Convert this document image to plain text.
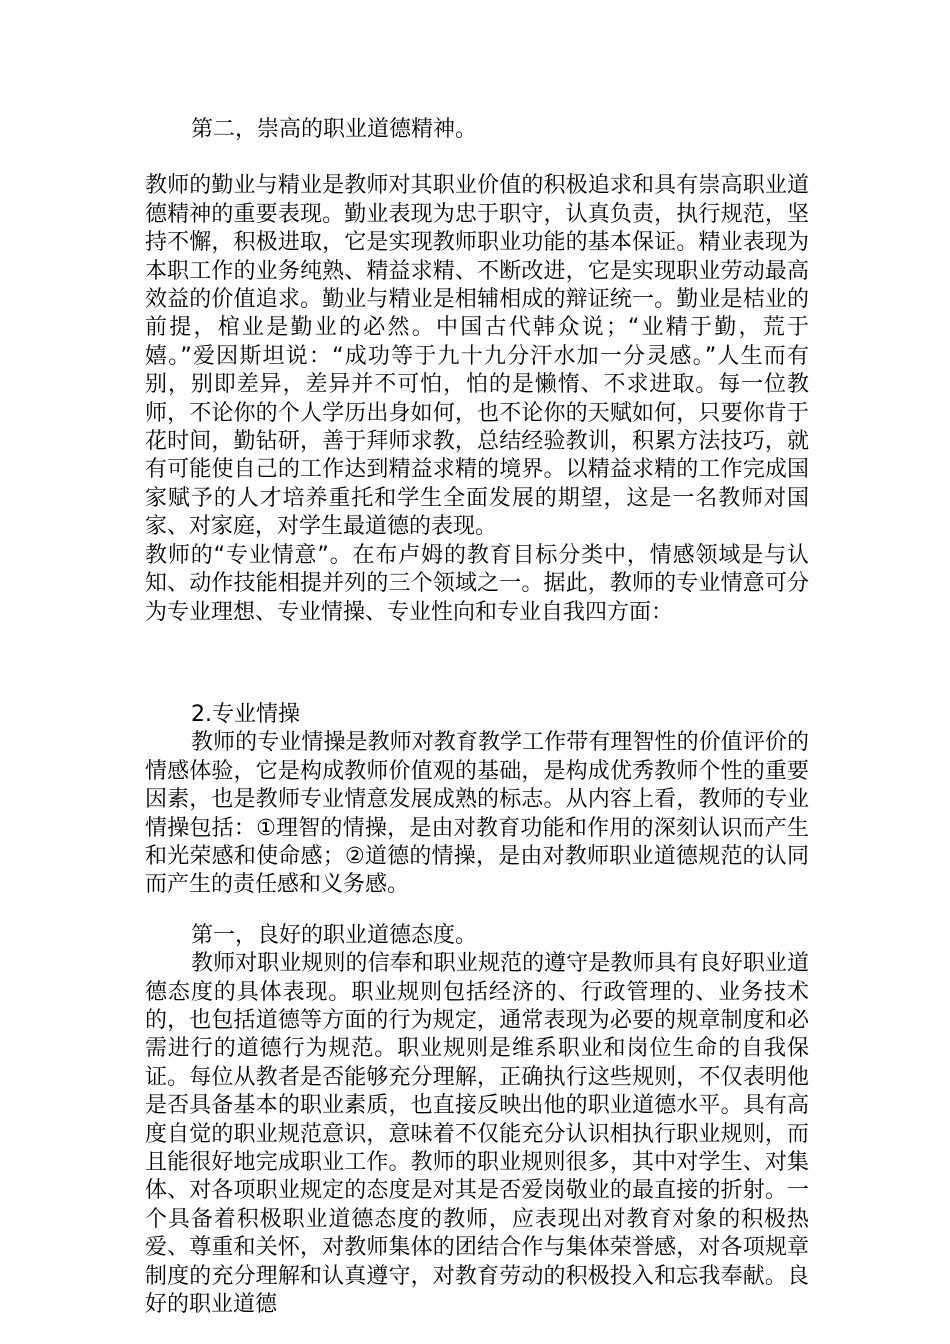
第二，崇高的职业道德精神。

教师的勤业与精业是教师对其职业价值的积极追求和具有崇高职业道德精神的重要表现。勤业表现为忠于职守，认真负责，执行规范，坚持不懈，积极进取，它是实现教师职业功能的基本保证。精业表现为本职工作的业务纯熟、精益求精、不断改进，它是实现职业劳动最高效益的价值追求。勤业与精业是相辅相成的辩证统一。勤业是桔业的前提，棺业是勤业的必然。中国古代韩众说；“业精于勤，荒于嬉。”爱因斯坦说：“成功等于九十九分汗水加一分灵感。”人生而有别，别即差异，差异并不可怕，怕的是懒惰、不求进取。每一位教师，不论你的个人学历出身如何，也不论你的天赋如何，只要你肯于花时间，勤钻研，善于拜师求教，总结经验教训，积累方法技巧，就有可能使自己的工作达到精益求精的境界。以精益求精的工作完成国家赋予的人才培养重托和学生全面发展的期望，这是一名教师对国家、对家庭，对学生最道德的表现。

教师的“专业情意”。在布卢姆的教育目标分类中，情感领域是与认知、动作技能相提并列的三个领域之一。据此，教师的专业情意可分为专业理想、专业情操、专业性向和专业自我四方面：

2.专业情操

教师的专业情操是教师对教育教学工作带有理智性的价值评价的情感体验，它是构成教师价值观的基础，是构成优秀教师个性的重要因素，也是教师专业情意发展成熟的标志。从内容上看，教师的专业情操包括：①理智的情操，是由对教育功能和作用的深刻认识而产生和光荣感和使命感；②道德的情操，是由对教师职业道德规范的认同而产生的责任感和义务感。

第一，良好的职业道德态度。

教师对职业规则的信奉和职业规范的遵守是教师具有良好职业道德态度的具体表现。职业规则包括经济的、行政管理的、业务技术的，也包括道德等方面的行为规定，通常表现为必要的规章制度和必需进行的道德行为规范。职业规则是维系职业和岗位生命的自我保证。每位从教者是否能够充分理解，正确执行这些规则，不仅表明他是否具备基本的职业素质，也直接反映出他的职业道德水平。具有高度自觉的职业规范意识，意味着不仅能充分认识相执行职业规则，而且能很好地完成职业工作。教师的职业规则很多，其中对学生、对集体、对各项职业规定的态度是对其是否爱岗敬业的最直接的折射。一个具备着积极职业道德态度的教师，应表现出对教育对象的积极热爱、尊重和关怀，对教师集体的团结合作与集体荣誉感，对各项规章制度的充分理解和认真遵守，对教育劳动的积极投入和忘我奉献。良好的职业道德
